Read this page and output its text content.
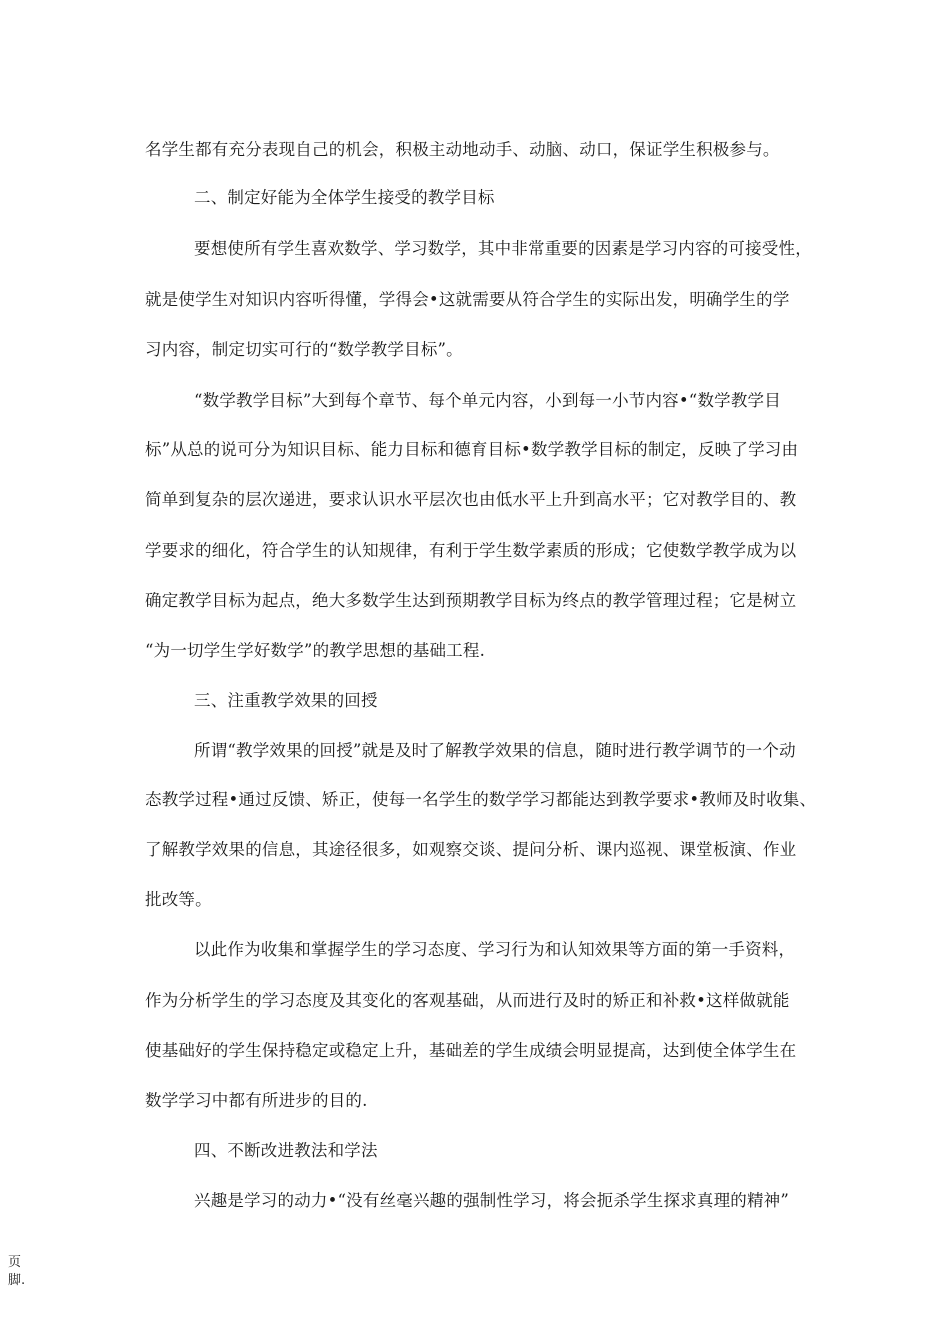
名学生都有充分表现自己的机会，积极主动地动手、动脑、动口，保证学生积极参与。
二、制定好能为全体学生接受的教学目标
要想使所有学生喜欢数学、学习数学，其中非常重要的因素是学习内容的可接受性，
就是使学生对知识内容听得懂，学得会•这就需要从符合学生的实际出发，明确学生的学
习内容，制定切实可行的“数学教学目标”。
“数学教学目标”大到每个章节、每个单元内容，小到每一小节内容•“数学教学目
标”从总的说可分为知识目标、能力目标和德育目标•数学教学目标的制定，反映了学习由
简单到复杂的层次递进，要求认识水平层次也由低水平上升到高水平；它对教学目的、教
学要求的细化，符合学生的认知规律，有利于学生数学素质的形成；它使数学教学成为以
确定教学目标为起点，绝大多数学生达到预期教学目标为终点的教学管理过程；它是树立
“为一切学生学好数学”的教学思想的基础工程.
三、注重教学效果的回授
所谓“教学效果的回授”就是及时了解教学效果的信息，随时进行教学调节的一个动
态教学过程•通过反馈、矫正，使每一名学生的数学学习都能达到教学要求•教师及时收集、
了解教学效果的信息，其途径很多，如观察交谈、提问分析、课内巡视、课堂板演、作业
批改等。
以此作为收集和掌握学生的学习态度、学习行为和认知效果等方面的第一手资料，
作为分析学生的学习态度及其变化的客观基础，从而进行及时的矫正和补救•这样做就能
使基础好的学生保持稳定或稳定上升，基础差的学生成绩会明显提高，达到使全体学生在
数学学习中都有所进步的目的.
四、不断改进教法和学法
兴趣是学习的动力•“没有丝毫兴趣的强制性学习，将会扼杀学生探求真理的精神”
页
脚.
